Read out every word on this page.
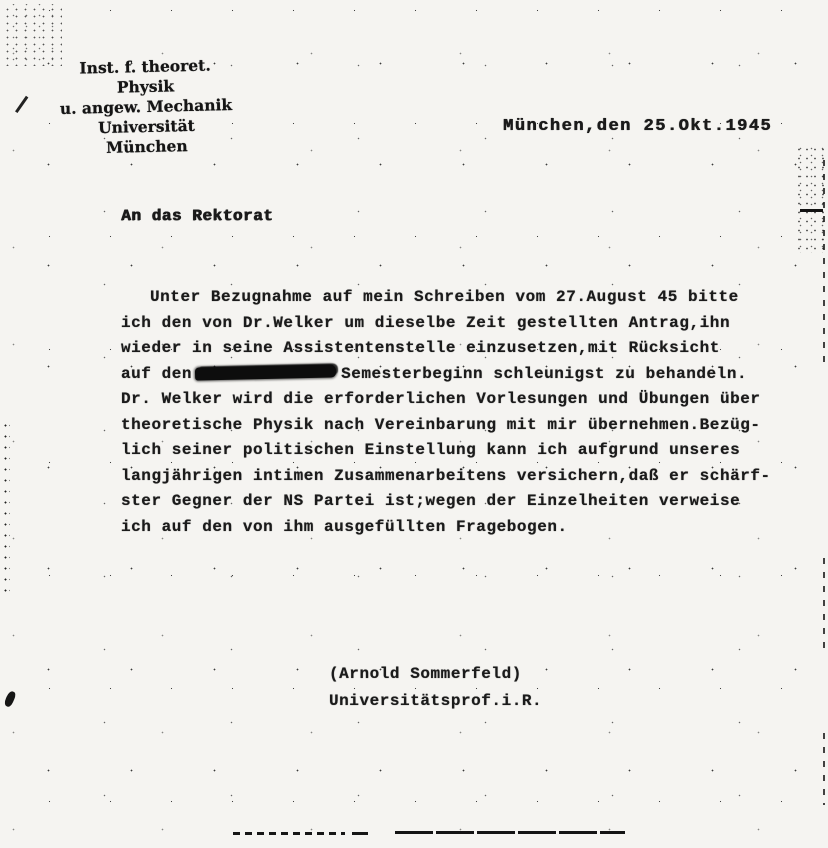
Inst. f. theoret. Physik
u. angew. Mechanik
Universität München
München,den 25.Okt.1945
An das Rektorat
Unter Bezugnahme auf mein Schreiben vom 27.August 45 bitte
ich den von Dr.Welker um dieselbe Zeit gestellten Antrag,ihn
wieder in seine Assistentenstelle einzusetzen,mit Rücksicht
auf den	Semesterbeginn schleunigst zu behandeln.
Dr. Welker wird die erforderlichen Vorlesungen und Übungen über
theoretische Physik nach Vereinbarung mit mir übernehmen.Bezüg-
lich seiner politischen Einstellung kann ich aufgrund unseres
langjährigen intimen Zusammenarbeitens versichern,daß er schärf-
ster Gegner der NS Partei ist;wegen der Einzelheiten verweise
ich auf den von ihm ausgefüllten Fragebogen.
(Arnold Sommerfeld)
Universitätsprof.i.R.
